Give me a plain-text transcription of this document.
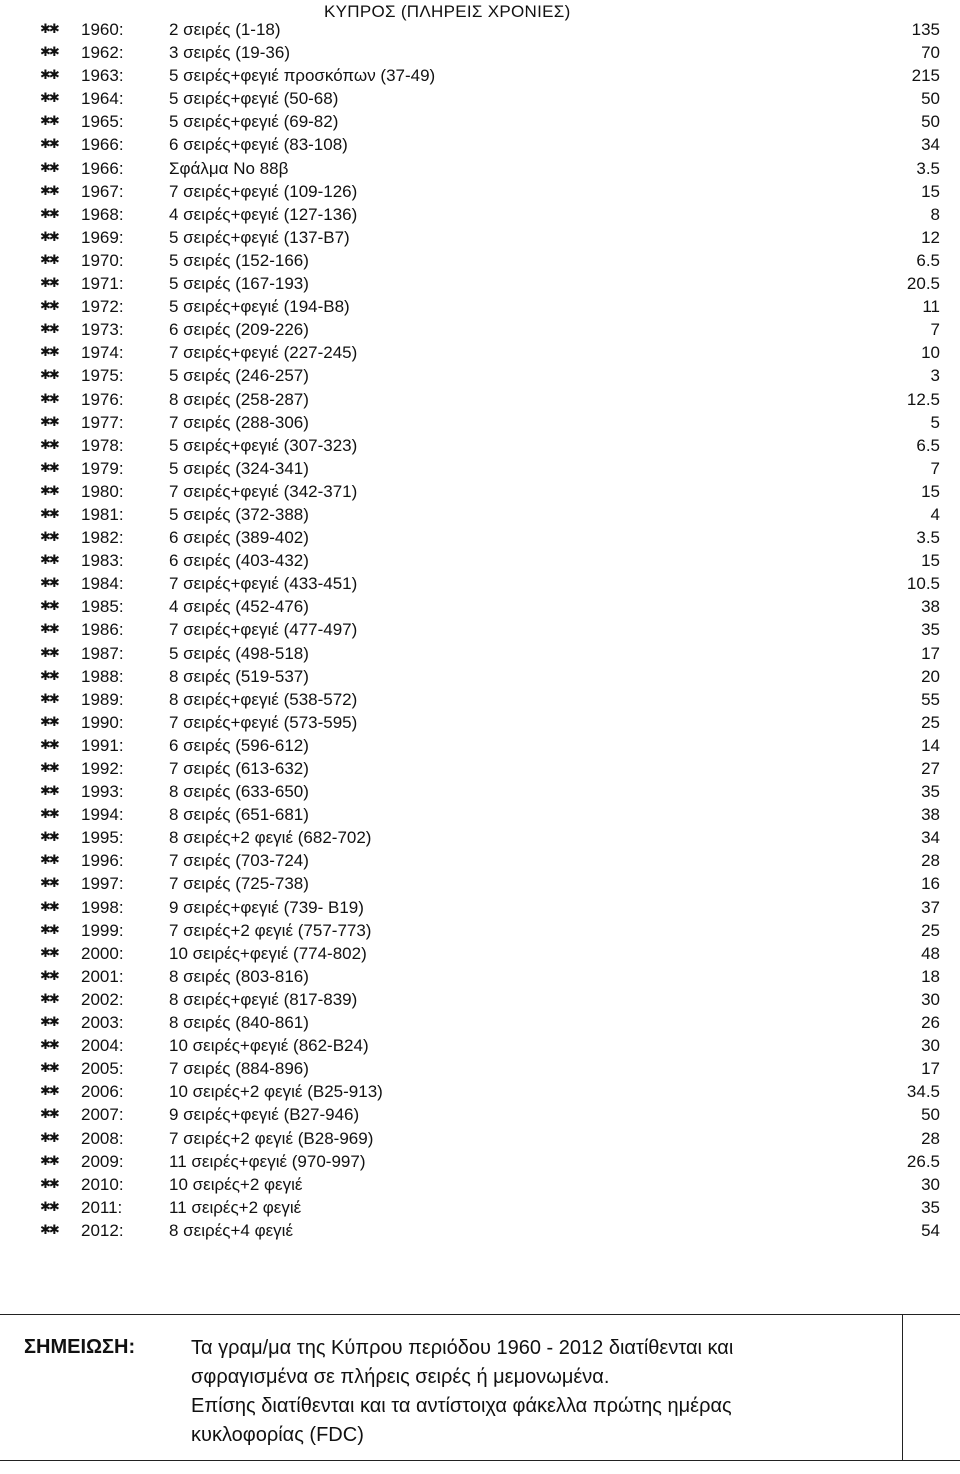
ΚΥΠΡΟΣ (ΠΛΗΡΕΙΣ ΧΡΟΝΙΕΣ)
✱✱	1960:	2 σειρές (1-18)	135
✱✱	1962:	3 σειρές (19-36)	70
✱✱	1963:	5 σειρές+φεγιέ προσκόπων (37-49)	215
✱✱	1964:	5 σειρές+φεγιέ (50-68)	50
✱✱	1965:	5 σειρές+φεγιέ (69-82)	50
✱✱	1966:	6 σειρές+φεγιέ (83-108)	34
✱✱	1966:	Σφάλμα Νο 88β	3.5
✱✱	1967:	7 σειρές+φεγιέ (109-126)	15
✱✱	1968:	4 σειρές+φεγιέ (127-136)	8
✱✱	1969:	5 σειρές+φεγιέ (137-Β7)	12
✱✱	1970:	5 σειρές (152-166)	6.5
✱✱	1971:	5 σειρές (167-193)	20.5
✱✱	1972:	5 σειρές+φεγιέ (194-Β8)	11
✱✱	1973:	6 σειρές (209-226)	7
✱✱	1974:	7 σειρές+φεγιέ (227-245)	10
✱✱	1975:	5 σειρές (246-257)	3
✱✱	1976:	8 σειρές (258-287)	12.5
✱✱	1977:	7 σειρές (288-306)	5
✱✱	1978:	5 σειρές+φεγιέ (307-323)	6.5
✱✱	1979:	5 σειρές (324-341)	7
✱✱	1980:	7 σειρές+φεγιέ (342-371)	15
✱✱	1981:	5 σειρές (372-388)	4
✱✱	1982:	6 σειρές (389-402)	3.5
✱✱	1983:	6 σειρές (403-432)	15
✱✱	1984:	7 σειρές+φεγιέ (433-451)	10.5
✱✱	1985:	4 σειρές (452-476)	38
✱✱	1986:	7 σειρές+φεγιέ (477-497)	35
✱✱	1987:	5 σειρές (498-518)	17
✱✱	1988:	8 σειρές (519-537)	20
✱✱	1989:	8 σειρές+φεγιέ (538-572)	55
✱✱	1990:	7 σειρές+φεγιέ (573-595)	25
✱✱	1991:	6 σειρές (596-612)	14
✱✱	1992:	7 σειρές (613-632)	27
✱✱	1993:	8 σειρές (633-650)	35
✱✱	1994:	8 σειρές (651-681)	38
✱✱	1995:	8 σειρές+2 φεγιέ (682-702)	34
✱✱	1996:	7 σειρές (703-724)	28
✱✱	1997:	7 σειρές (725-738)	16
✱✱	1998:	9 σειρές+φεγιέ (739- Β19)	37
✱✱	1999:	7 σειρές+2 φεγιέ (757-773)	25
✱✱	2000:	10 σειρές+φεγιέ (774-802)	48
✱✱	2001:	8 σειρές (803-816)	18
✱✱	2002:	8 σειρές+φεγιέ (817-839)	30
✱✱	2003:	8 σειρές (840-861)	26
✱✱	2004:	10 σειρές+φεγιέ (862-Β24)	30
✱✱	2005:	7 σειρές (884-896)	17
✱✱	2006:	10 σειρές+2 φεγιέ (Β25-913)	34.5
✱✱	2007:	9 σειρές+φεγιέ (Β27-946)	50
✱✱	2008:	7 σειρές+2 φεγιέ (Β28-969)	28
✱✱	2009:	11 σειρές+φεγιέ (970-997)	26.5
✱✱	2010:	10 σειρές+2 φεγιέ	30
✱✱	2011:	11 σειρές+2 φεγιέ	35
✱✱	2012:	8 σειρές+4 φεγιέ	54
ΣΗΜΕΙΩΣΗ:	Τα γραμ/μα της Κύπρου περιόδου 1960 - 2012 διατίθενται και
σφραγισμένα σε πλήρεις σειρές ή μεμονωμένα.
Επίσης διατίθενται και τα αντίστοιχα φάκελλα πρώτης ημέρας
κυκλοφορίας (FDC)
